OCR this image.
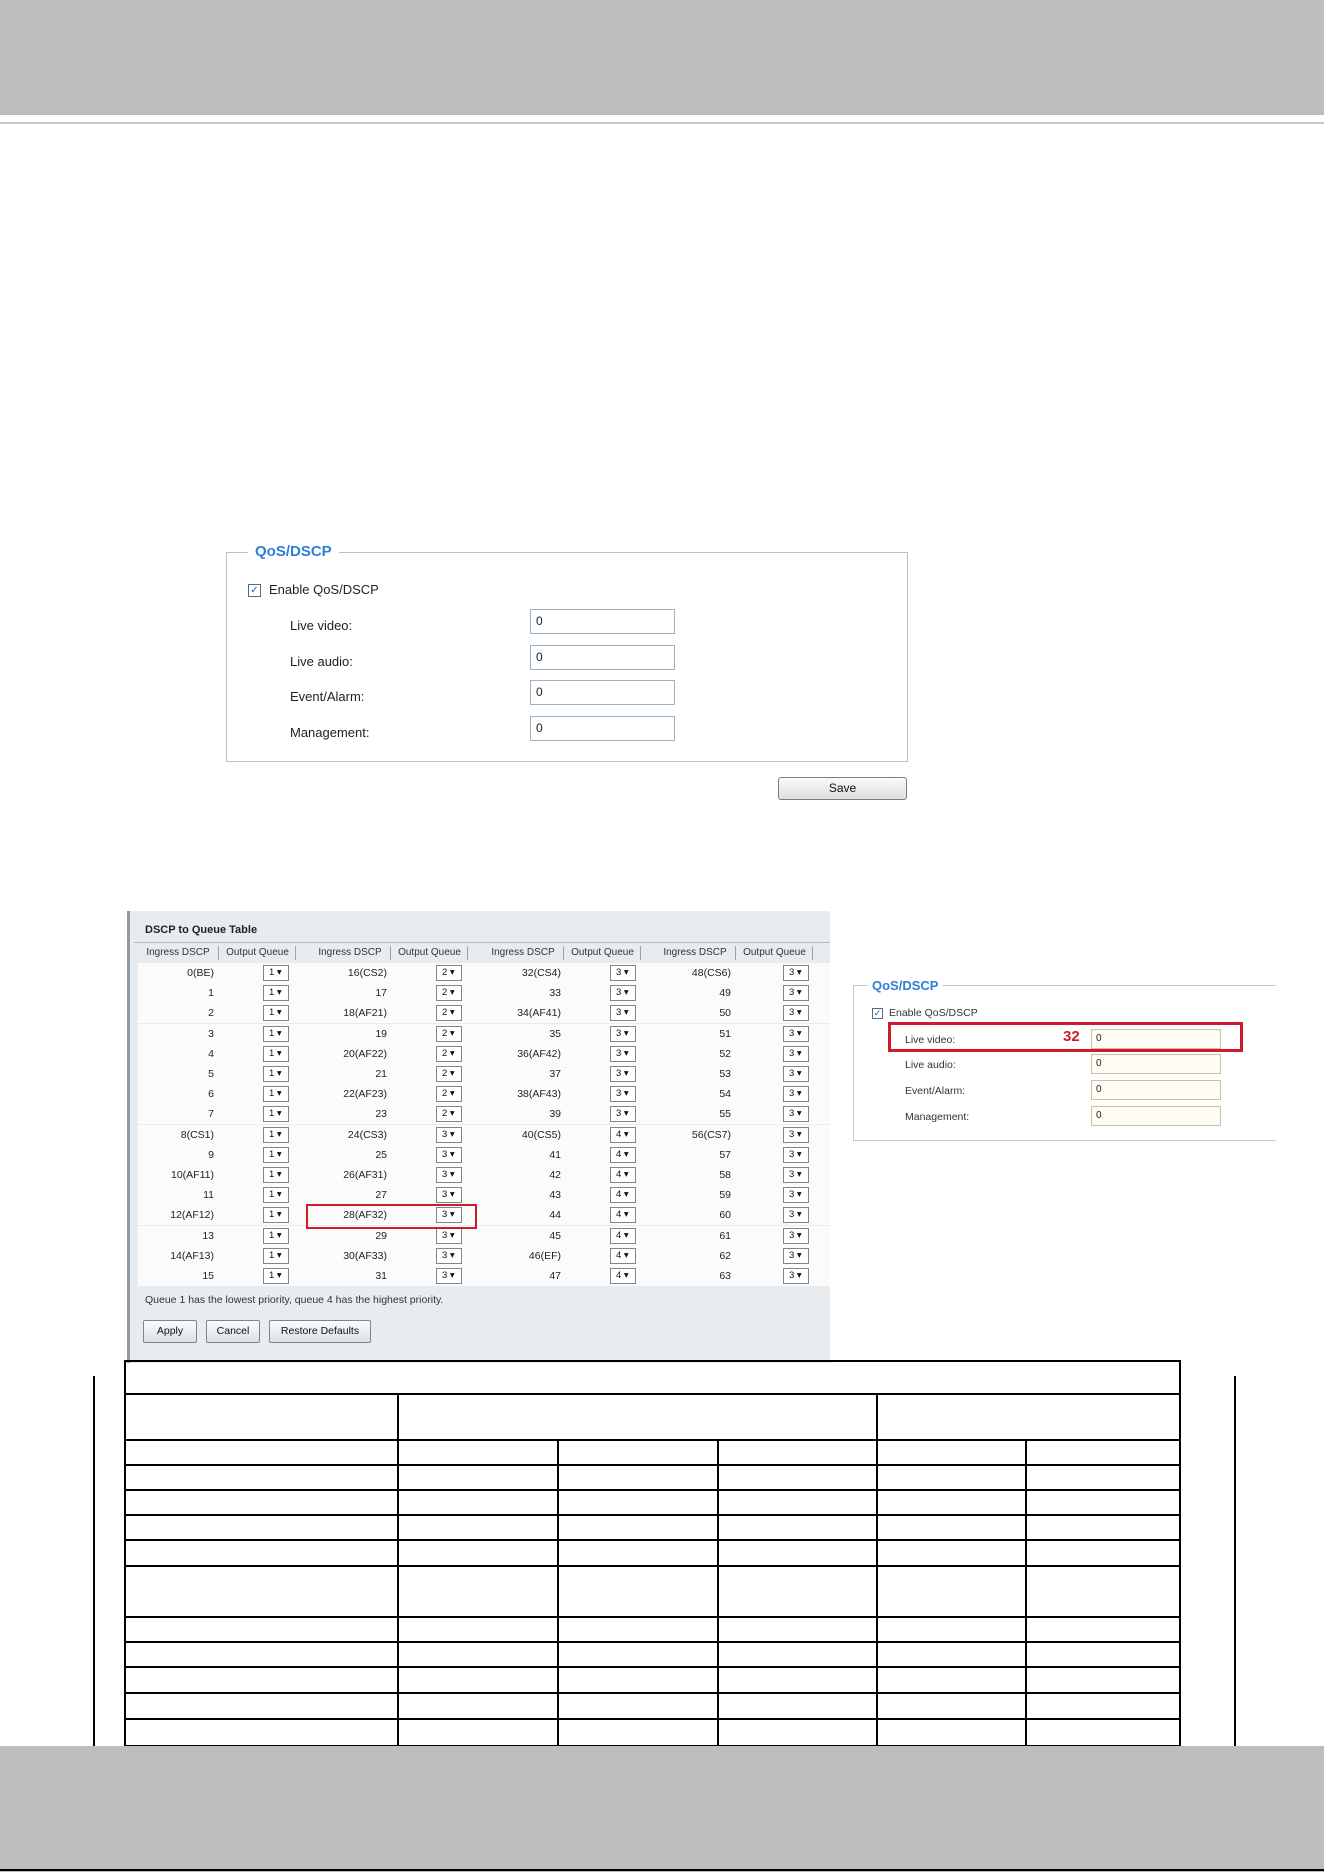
QoS/DSCP
✓ Enable QoS/DSCP
Live video:	0
Live audio:	0
Event/Alarm:	0
Management:	0
Save
DSCP to Queue Table
Ingress DSCP	Output Queue	Ingress DSCP	Output Queue	Ingress DSCP	Output Queue	Ingress DSCP	Output Queue
0(BE)	1 ▾	16(CS2)	2 ▾	32(CS4)	3 ▾	48(CS6)	3 ▾
1	1 ▾	17	2 ▾	33	3 ▾	49	3 ▾
2	1 ▾	18(AF21)	2 ▾	34(AF41)	3 ▾	50	3 ▾
3	1 ▾	19	2 ▾	35	3 ▾	51	3 ▾
4	1 ▾	20(AF22)	2 ▾	36(AF42)	3 ▾	52	3 ▾
5	1 ▾	21	2 ▾	37	3 ▾	53	3 ▾
6	1 ▾	22(AF23)	2 ▾	38(AF43)	3 ▾	54	3 ▾
7	1 ▾	23	2 ▾	39	3 ▾	55	3 ▾
8(CS1)	1 ▾	24(CS3)	3 ▾	40(CS5)	4 ▾	56(CS7)	3 ▾
9	1 ▾	25	3 ▾	41	4 ▾	57	3 ▾
10(AF11)	1 ▾	26(AF31)	3 ▾	42	4 ▾	58	3 ▾
11	1 ▾	27	3 ▾	43	4 ▾	59	3 ▾
12(AF12)	1 ▾	28(AF32)	3 ▾	44	4 ▾	60	3 ▾
13	1 ▾	29	3 ▾	45	4 ▾	61	3 ▾
14(AF13)	1 ▾	30(AF33)	3 ▾	46(EF)	4 ▾	62	3 ▾
15	1 ▾	31	3 ▾	47	4 ▾	63	3 ▾
Queue 1 has the lowest priority, queue 4 has the highest priority.
Apply	Cancel	Restore Defaults
QoS/DSCP
✓ Enable QoS/DSCP
Live video:	0
Live audio:	0
Event/Alarm:	0
Management:	0
32
